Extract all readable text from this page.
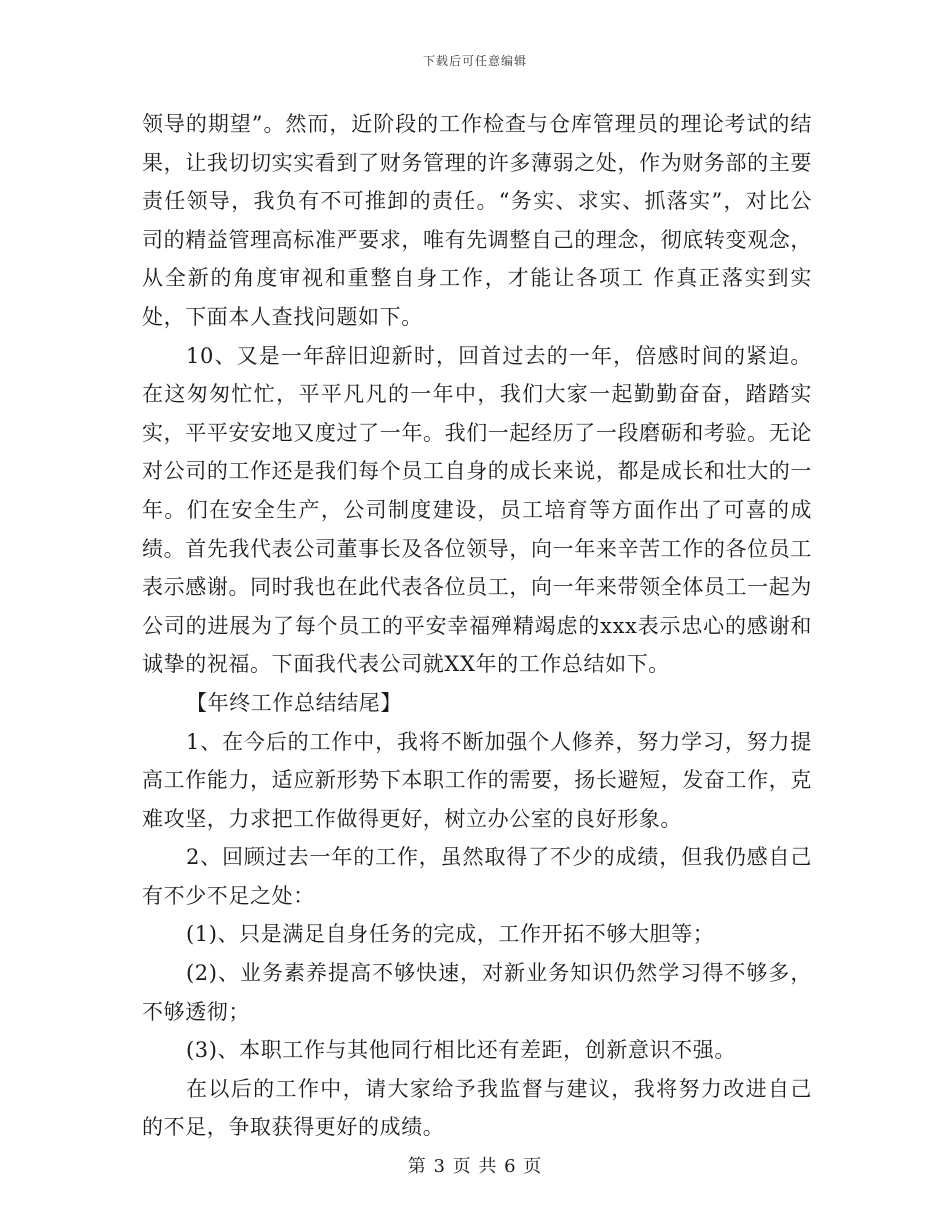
下载后可任意编辑

领导的期望”。然而，近阶段的工作检查与仓库管理员的理论考试的结果，让我切切实实看到了财务管理的许多薄弱之处，作为财务部的主要责任领导，我负有不可推卸的责任。“务实、求实、抓落实”，对比公司的精益管理高标准严要求，唯有先调整自己的理念，彻底转变观念，从全新的角度审视和重整自身工作，才能让各项工 作真正落实到实处，下面本人查找问题如下。

10、又是一年辞旧迎新时，回首过去的一年，倍感时间的紧迫。在这匆匆忙忙，平平凡凡的一年中，我们大家一起勤勤奋奋，踏踏实实，平平安安地又度过了一年。我们一起经历了一段磨砺和考验。无论对公司的工作还是我们每个员工自身的成长来说，都是成长和壮大的一年。们在安全生产，公司制度建设，员工培育等方面作出了可喜的成绩。首先我代表公司董事长及各位领导，向一年来辛苦工作的各位员工表示感谢。同时我也在此代表各位员工，向一年来带领全体员工一起为公司的进展为了每个员工的平安幸福殚精竭虑的xxx表示忠心的感谢和诚挚的祝福。下面我代表公司就XX年的工作总结如下。

【年终工作总结结尾】

1、在今后的工作中，我将不断加强个人修养，努力学习，努力提高工作能力，适应新形势下本职工作的需要，扬长避短，发奋工作，克难攻坚，力求把工作做得更好，树立办公室的良好形象。

2、回顾过去一年的工作，虽然取得了不少的成绩，但我仍感自己有不少不足之处：

(1)、只是满足自身任务的完成，工作开拓不够大胆等；

(2)、业务素养提高不够快速，对新业务知识仍然学习得不够多，不够透彻；

(3)、本职工作与其他同行相比还有差距，创新意识不强。

在以后的工作中，请大家给予我监督与建议，我将努力改进自己的不足，争取获得更好的成绩。

第 3 页 共 6 页
